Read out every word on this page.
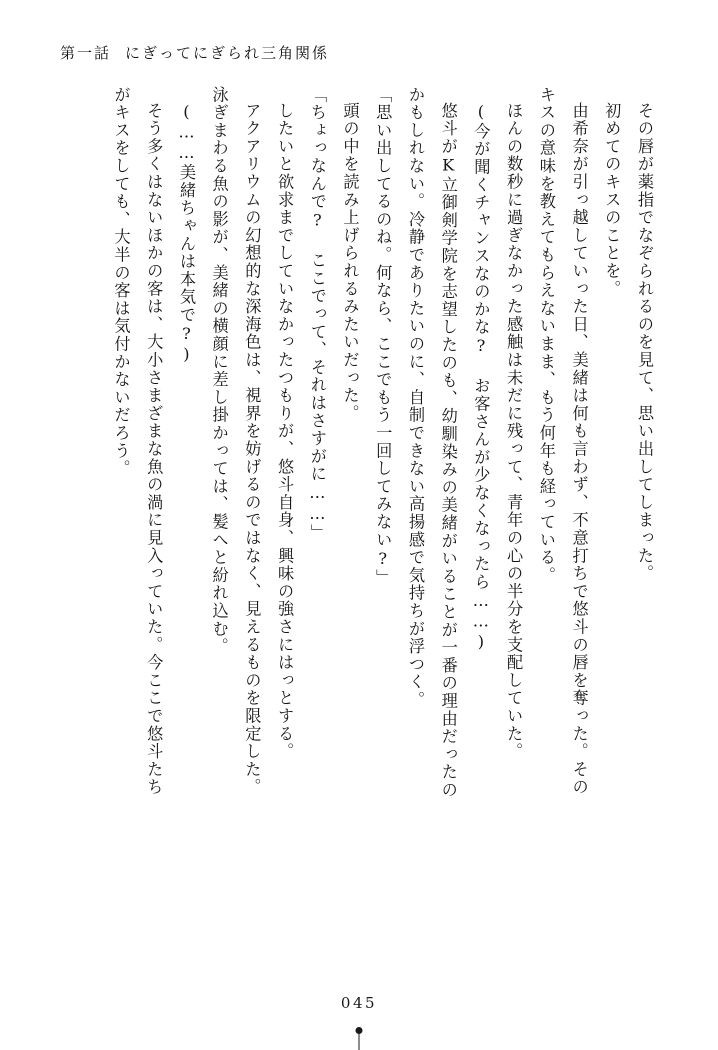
第一話 にぎってにぎられ三角関係

その唇が薬指でなぞられるのを見て、思い出してしまった。

初めてのキスのことを。

由希奈が引っ越していった日、美緒は何も言わず、不意打ちで悠斗の唇を奪った。その

キスの意味を教えてもらえないまま、もう何年も経っている。

ほんの数秒に過ぎなかった感触は未だに残って、青年の心の半分を支配していた。

(今が聞くチャンスなのかな? お客さんが少なくなったら……)

悠斗がK立御剣学院を志望したのも、幼馴染みの美緒がいることが一番の理由だったの

かもしれない。冷静でありたいのに、自制できない高揚感で気持ちが浮つく。

「思い出してるのね。何なら、ここでもう一回してみない?」

頭の中を読み上げられるみたいだった。

「ちょっなんで? ここでって、それはさすがに……」

したいと欲求までしていなかったつもりが、悠斗自身、興味の強さにはっとする。

アクアリウムの幻想的な深海色は、視界を妨げるのではなく、見えるものを限定した。

泳ぎまわる魚の影が、美緒の横顔に差し掛かっては、髪へと紛れ込む。

(……美緒ちゃんは本気で?)

そう多くはないほかの客は、大小さまざまな魚の渦に見入っていた。今ここで悠斗たち

がキスをしても、大半の客は気付かないだろう。

045
